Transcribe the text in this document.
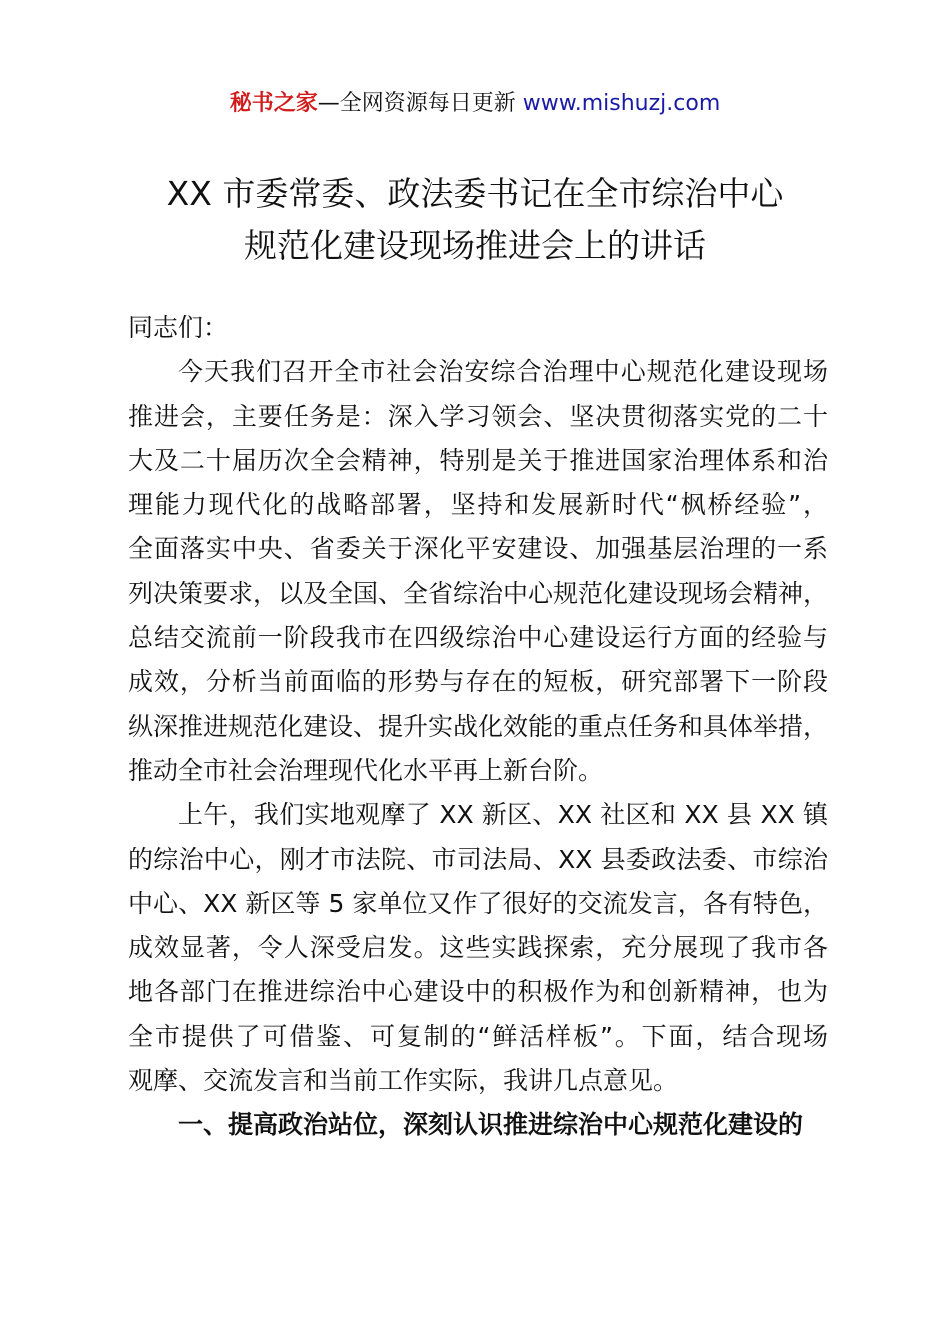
秘书之家—全网资源每日更新 www.mishuzj.com
XX 市委常委、政法委书记在全市综治中心
规范化建设现场推进会上的讲话
同志们：
今天我们召开全市社会治安综合治理中心规范化建设现场
推进会，主要任务是：深入学习领会、坚决贯彻落实党的二十
大及二十届历次全会精神，特别是关于推进国家治理体系和治
理能力现代化的战略部署，坚持和发展新时代“枫桥经验”，
全面落实中央、省委关于深化平安建设、加强基层治理的一系
列决策要求，以及全国、全省综治中心规范化建设现场会精神，
总结交流前一阶段我市在四级综治中心建设运行方面的经验与
成效，分析当前面临的形势与存在的短板，研究部署下一阶段
纵深推进规范化建设、提升实战化效能的重点任务和具体举措，
推动全市社会治理现代化水平再上新台阶。
上午，我们实地观摩了 XX 新区、XX 社区和 XX 县 XX 镇
的综治中心，刚才市法院、市司法局、XX 县委政法委、市综治
中心、XX 新区等 5 家单位又作了很好的交流发言，各有特色，
成效显著，令人深受启发。这些实践探索，充分展现了我市各
地各部门在推进综治中心建设中的积极作为和创新精神，也为
全市提供了可借鉴、可复制的“鲜活样板”。下面，结合现场
观摩、交流发言和当前工作实际，我讲几点意见。
一、提高政治站位，深刻认识推进综治中心规范化建设的
